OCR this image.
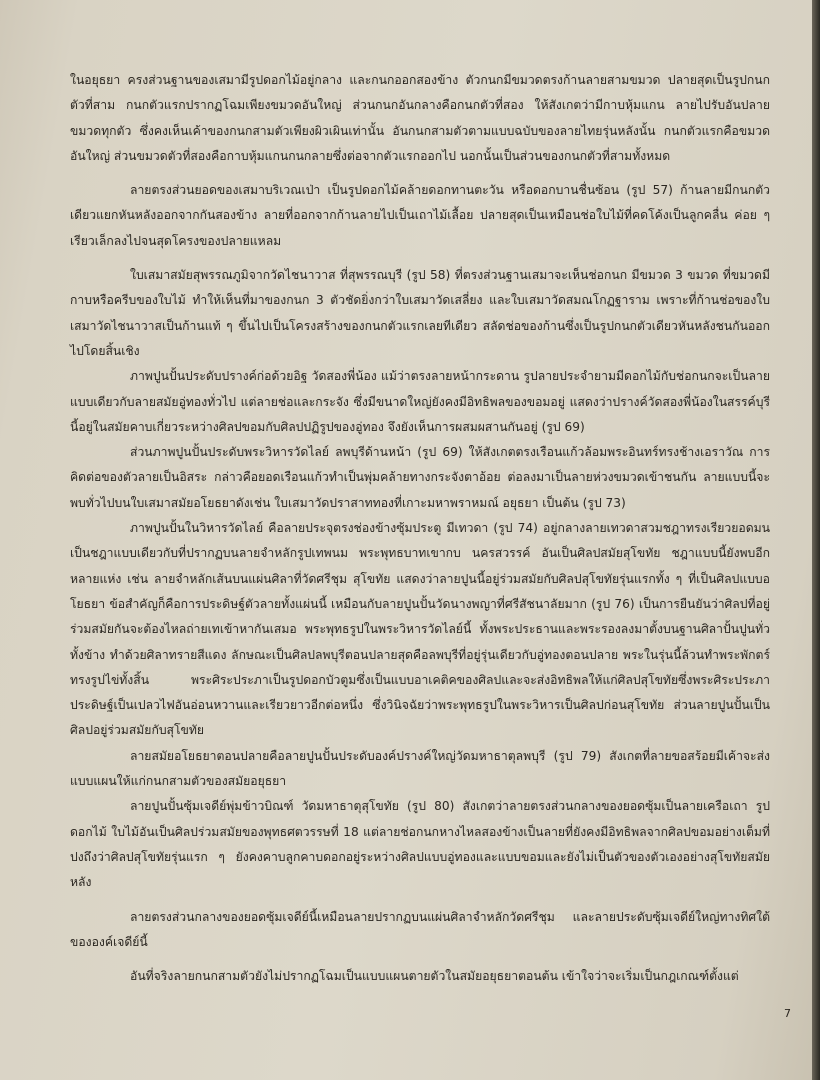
ในอยุธยา ครงส่วนฐานของเสมามีรูปดอกไม้อยู่กลาง และกนกออกสองข้าง ตัวกนกมีขมวดตรงก้านลายสามขมวด ปลายสุดเป็นรูปกนกตัวที่สาม กนกตัวแรกปรากฏโฉมเพียงขมวดอันใหญ่ ส่วนกนกอันกลางคือกนกตัวที่สอง ให้สังเกตว่ามีกาบหุ้มแกน ลายไปรับอันปลายขมวดทุกตัว ซึ่งคงเห็นเค้าของกนกสามตัวเพียงผิวเผินเท่านั้น อันกนกสามตัวตามแบบฉบับของลายไทยรุ่นหลังนั้น กนกตัวแรกคือขมวดอันใหญ่ ส่วนขมวดตัวที่สองคือกาบหุ้มแกนกนกลายซึ่งต่อจากตัวแรกออกไป นอกนั้นเป็นส่วนของกนกตัวที่สามทั้งหมด

ลายตรงส่วนยอดของเสมาบริเวณเป่า เป็นรูปดอกไม้คล้ายดอกทานตะวัน หรือดอกบานชื่นซ้อน (รูป 57) ก้านลายมีกนกตัวเดียวแยกหันหลังออกจากกันสองข้าง ลายที่ออกจากก้านลายไปเป็นเถาไม้เลื้อย ปลายสุดเป็นเหมือนช่อใบไม้ที่คดโค้งเป็นลูกคลื่น ค่อย ๆ เรียวเล็กลงไปจนสุดโครงของปลายแหลม

ใบเสมาสมัยสุพรรณภูมิจากวัดไชนาวาส ที่สุพรรณบุรี (รูป 58) ที่ตรงส่วนฐานเสมาจะเห็นช่อกนก มีขมวด 3 ขมวด ที่ขมวดมีกาบหรือครีบของใบไม้ ทำให้เห็นที่มาของกนก 3 ตัวชัดยิ่งกว่าใบเสมาวัดเสลี่ยง และใบเสมาวัดสมณโกฏฐาราม เพราะที่ก้านช่อของใบเสมาวัดไชนาวาสเป็นก้านแท้ ๆ ขึ้นไปเป็นโครงสร้างของกนกตัวแรกเลยทีเดียว สลัดช่อของก้านซึ่งเป็นรูปกนกตัวเดียวหันหลังชนกันออกไปโดยสิ้นเชิง

ภาพปูนปั้นประดับปรางค์ก่อด้วยอิฐ วัดสองพี่น้อง แม้ว่าตรงลายหน้ากระดาน รูปลายประจำยามมีดอกไม้กับช่อกนกจะเป็นลายแบบเดียวกับลายสมัยอู่ทองทั่วไป แต่ลายช่อและกระจัง ซึ่งมีขนาดใหญ่ยังคงมีอิทธิพลของขอมอยู่ แสดงว่าปรางค์วัดสองพี่น้องในสรรค์บุรีนี้อยู่ในสมัยคาบเกี่ยวระหว่างศิลปขอมกับศิลปปฏิรูปของอู่ทอง จึงยังเห็นการผสมผสานกันอยู่ (รูป 69)

ส่วนภาพปูนปั้นประดับพระวิหารวัดไลย์ ลพบุรีด้านหน้า (รูป 69) ให้สังเกตตรงเรือนแก้วล้อมพระอินทร์ทรงช้างเอราวัณ การคิดต่อของตัวลายเป็นอิสระ กล่าวคือยอดเรือนแก้วทำเป็นพุ่มคล้ายทางกระจังตาอ้อย ต่อลงมาเป็นลายห่วงขมวดเข้าชนกัน ลายแบบนี้จะพบทั่วไปบนใบเสมาสมัยอโยธยาดังเช่น ใบเสมาวัดปราสาททองที่เกาะมหาพราหมณ์ อยุธยา เป็นต้น (รูป 73)

ภาพปูนปั้นในวิหารวัดไลย์ คือลายประจุตรงช่องข้างซุ้มประตู มีเทวดา (รูป 74) อยู่กลางลายเทวดาสวมชฎาทรงเรียวยอดมน เป็นชฎาแบบเดียวกับที่ปรากฏบนลายจำหลักรูปเทพนม พระพุทธบาทเขากบ นครสวรรค์ อันเป็นศิลปสมัยสุโขทัย ชฎาแบบนี้ยังพบอีกหลายแห่ง เช่น ลายจำหลักเส้นบนแผ่นศิลาที่วัดศรีชุม สุโขทัย แสดงว่าลายปูนนี้อยู่ร่วมสมัยกับศิลปสุโขทัยรุ่นแรกทั้ง ๆ ที่เป็นศิลปแบบอโยธยา ข้อสำคัญก็คือการประดิษฐ์ตัวลายทั้งแผ่นนี้ เหมือนกับลายปูนปั้นวัดนางพญาที่ศรีสัชนาลัยมาก (รูป 76) เป็นการยืนยันว่าศิลปที่อยู่ร่วมสมัยกันจะต้องไหลถ่ายเทเข้าหากันเสมอ พระพุทธรูปในพระวิหารวัดไลย์นี้ ทั้งพระประธานและพระรองลงมาตั้งบนฐานศิลาปั้นปูนทั่วทั้งข้าง ทำด้วยศิลาทรายสีแดง ลักษณะเป็นศิลปลพบุรีตอนปลายสุดคือลพบุรีที่อยู่รุ่นเดียวกับอู่ทองตอนปลาย พระในรุ่นนี้ล้วนทำพระพักตร์ทรงรูปไข่ทั้งสิ้น พระศิระประภาเป็นรูปดอกบัวตูมซึ่งเป็นแบบอาเคติคของศิลปและจะส่งอิทธิพลให้แก่ศิลปสุโขทัยซึ่งพระศิระประภาประดิษฐ์เป็นเปลวไฟอันอ่อนหวานและเรียวยาวอีกต่อหนึ่ง ซึ่งวินิจฉัยว่าพระพุทธรูปในพระวิหารเป็นศิลปก่อนสุโขทัย ส่วนลายปูนปั้นเป็นศิลปอยู่ร่วมสมัยกับสุโขทัย

ลายสมัยอโยธยาตอนปลายคือลายปูนปั้นประดับองค์ปรางค์ใหญ่วัดมหาธาตุลพบุรี (รูป 79) สังเกตที่ลายขอสร้อยมีเค้าจะส่งแบบแผนให้แก่กนกสามตัวของสมัยอยุธยา

ลายปูนปั้นซุ้มเจดีย์พุ่มข้าวบิณฑ์ วัดมหาธาตุสุโขทัย (รูป 80) สังเกตว่าลายตรงส่วนกลางของยอดซุ้มเป็นลายเครือเถา รูปดอกไม้ ใบไม้อันเป็นศิลปร่วมสมัยของพุทธศตวรรษที่ 18 แต่ลายช่อกนกหางไหลสองข้างเป็นลายที่ยังคงมีอิทธิพลจากศิลปขอมอย่างเต็มที่ ปงถึงว่าศิลปสุโขทัยรุ่นแรก ๆ ยังคงคาบลูกคาบดอกอยู่ระหว่างศิลปแบบอู่ทองและแบบขอมและยังไม่เป็นตัวของตัวเองอย่างสุโขทัยสมัยหลัง

ลายตรงส่วนกลางของยอดซุ้มเจดีย์นี้เหมือนลายปรากฏบนแผ่นศิลาจำหลักวัดศรีชุม และลายประดับซุ้มเจดีย์ใหญ่ทางทิศใต้ขององค์เจดีย์นี้

อันที่จริงลายกนกสามตัวยังไม่ปรากฏโฉมเป็นแบบแผนตายตัวในสมัยอยุธยาตอนต้น เข้าใจว่าจะเริ่มเป็นกฎเกณฑ์ตั้งแต่

7
